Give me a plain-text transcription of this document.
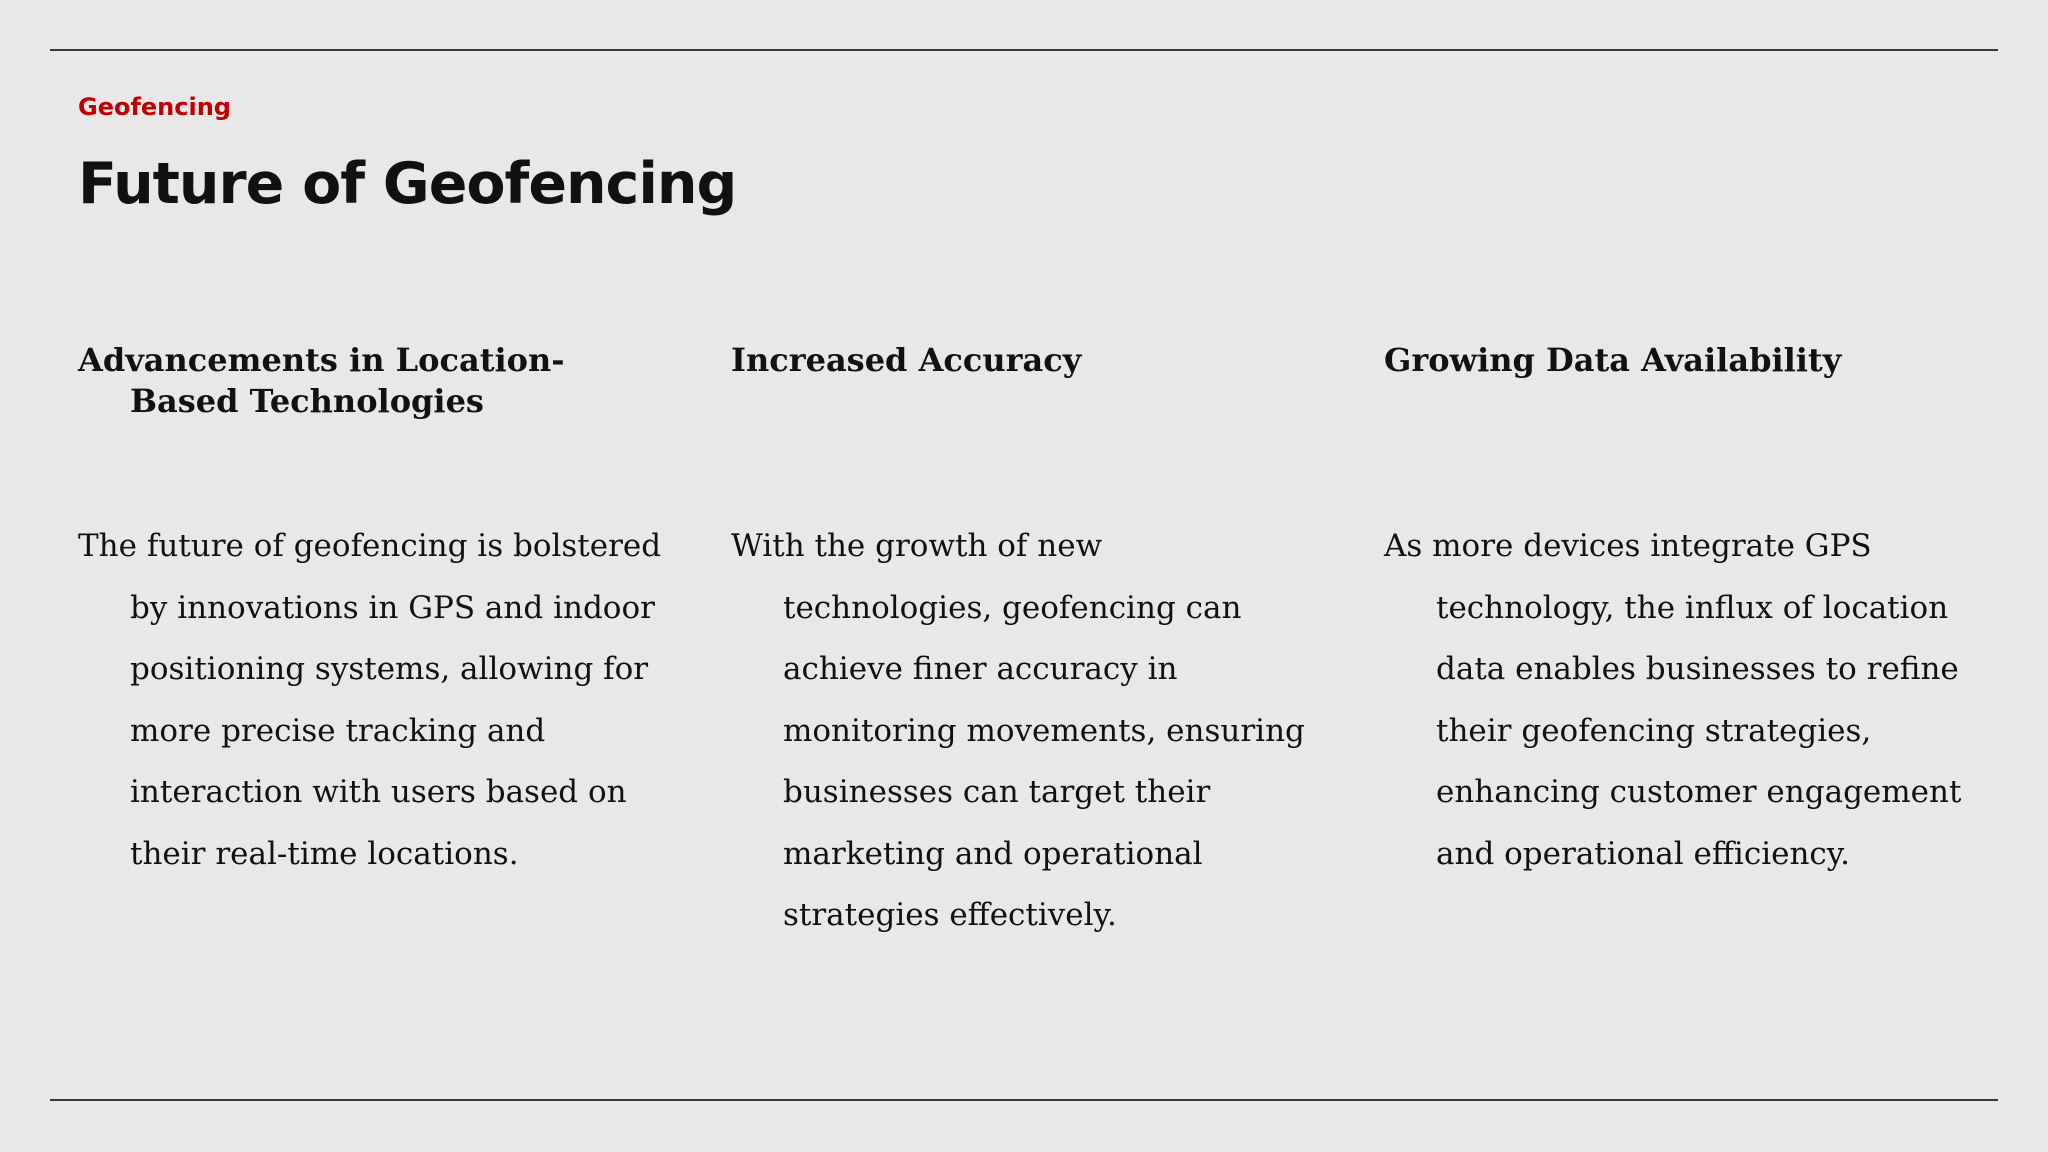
Geofencing
Future of Geofencing
Advancements in Location-Based Technologies

The future of geofencing is bolstered by innovations in GPS and indoor positioning systems, allowing for more precise tracking and interaction with users based on their real-time locations.

Increased Accuracy

With the growth of new technologies, geofencing can achieve finer accuracy in monitoring movements, ensuring businesses can target their marketing and operational strategies effectively.

Growing Data Availability

As more devices integrate GPS technology, the influx of location data enables businesses to refine their geofencing strategies, enhancing customer engagement and operational efficiency.
